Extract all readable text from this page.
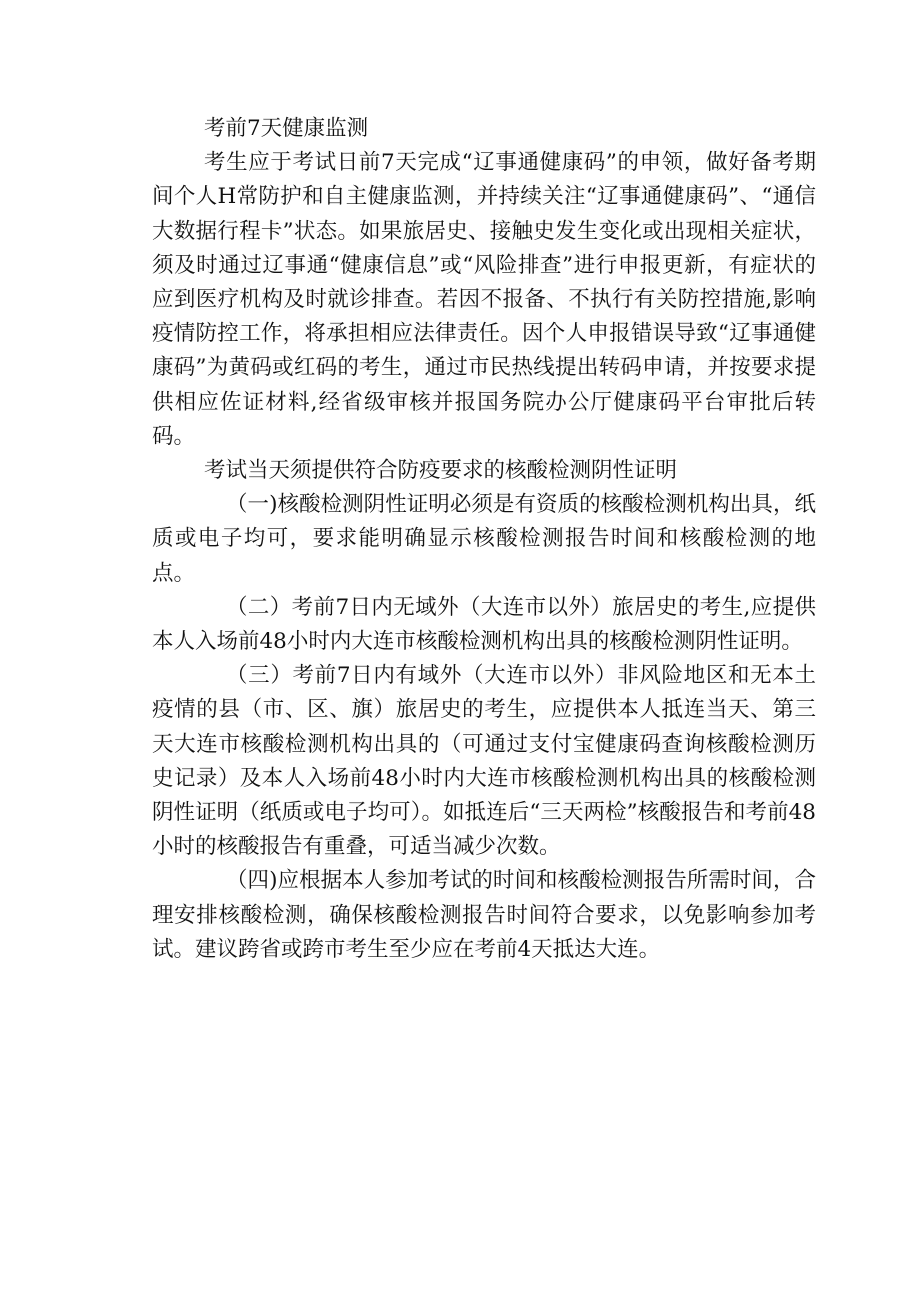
考前7天健康监测

考生应于考试日前7天完成“辽事通健康码”的申领，做好备考期间个人H常防护和自主健康监测，并持续关注“辽事通健康码”、“通信大数据行程卡”状态。如果旅居史、接触史发生变化或出现相关症状，须及时通过辽事通“健康信息”或“风险排查”进行申报更新，有症状的应到医疗机构及时就诊排查。若因不报备、不执行有关防控措施,影响疫情防控工作，将承担相应法律责任。因个人申报错误导致“辽事通健康码”为黄码或红码的考生，通过市民热线提出转码申请，并按要求提供相应佐证材料,经省级审核并报国务院办公厅健康码平台审批后转码。

考试当天须提供符合防疫要求的核酸检测阴性证明

（一)核酸检测阴性证明必须是有资质的核酸检测机构出具，纸质或电子均可，要求能明确显示核酸检测报告时间和核酸检测的地点。

（二）考前7日内无域外（大连市以外）旅居史的考生,应提供本人入场前48小时内大连市核酸检测机构出具的核酸检测阴性证明。

（三）考前7日内有域外（大连市以外）非风险地区和无本土疫情的县（市、区、旗）旅居史的考生，应提供本人抵连当天、第三天大连市核酸检测机构出具的（可通过支付宝健康码查询核酸检测历史记录）及本人入场前48小时内大连市核酸检测机构出具的核酸检测阴性证明（纸质或电子均可）。如抵连后“三天两检”核酸报告和考前48小时的核酸报告有重叠，可适当减少次数。

（四)应根据本人参加考试的时间和核酸检测报告所需时间，合理安排核酸检测，确保核酸检测报告时间符合要求，以免影响参加考试。建议跨省或跨市考生至少应在考前4天抵达大连。
